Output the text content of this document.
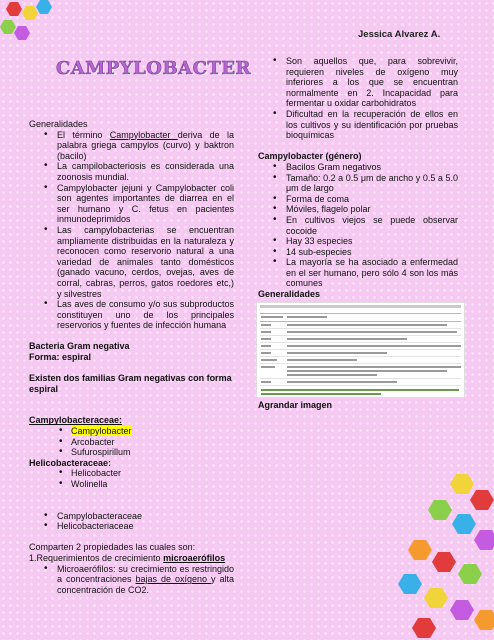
Jessica Alvarez A.
CAMPYLOBACTER

Generalidades

• El término Campylobacter deriva de la palabra griega campylos (curvo) y baktron (bacilo)
• La campilobacteriosis es considerada una zoonosis mundial.
• Campylobacter jejuni y Campylobacter coli son agentes importantes de diarrea en el ser humano y C. fetus en pacientes inmunodeprimidos
• Las campylobacterias se encuentran ampliamente distribuidas en la naturaleza y reconocen como reservorio natural a una variedad de animales tanto domésticos (ganado vacuno, cerdos, ovejas, aves de corral, cabras, perros, gatos roedores etc,) y silvestres
• Las aves de consumo y/o sus subproductos constituyen uno de los principales reservorios y fuentes de infección humana

Bacteria Gram negativa

Forma: espiral

Existen dos familias Gram negativas con forma espiral

Campylobacteraceae:

• Campylobacter
• Arcobacter
• Sufurospirillum

Helicobacteraceae:

• Helicobacter
• Wolinella
• Campylobacteraceae
• Helicobacteriaceae

Comparten 2 propiedades las cuales son:

1.Requerimientos de crecimiento microaerófilos

• Microaerófilos: su crecimiento es restringido a concentraciones bajas de oxígeno y alta concentración de CO2.
• Son aquellos que, para sobrevivir, requieren niveles de oxígeno muy inferiores a los que se encuentran normalmente en 2. Incapacidad para fermentar u oxidar carbohidratos
• Dificultad en la recuperación de ellos en los cultivos y su identificación por pruebas bioquímicas

Campylobacter (género)

• Bacilos Gram negativos
• Tamaño: 0.2 a 0.5 μm de ancho y 0.5 a 5.0 μm de largo
• Forma de coma
• Móviles, flagelo polar
• En cultivos viejos se puede observar cocoide
• Hay 33 especies
• 14 sub-especies
• La mayoría se ha asociado a enfermedad en el ser humano, pero sólo 4 son los más comunes

Generalidades

Agrandar imagen
